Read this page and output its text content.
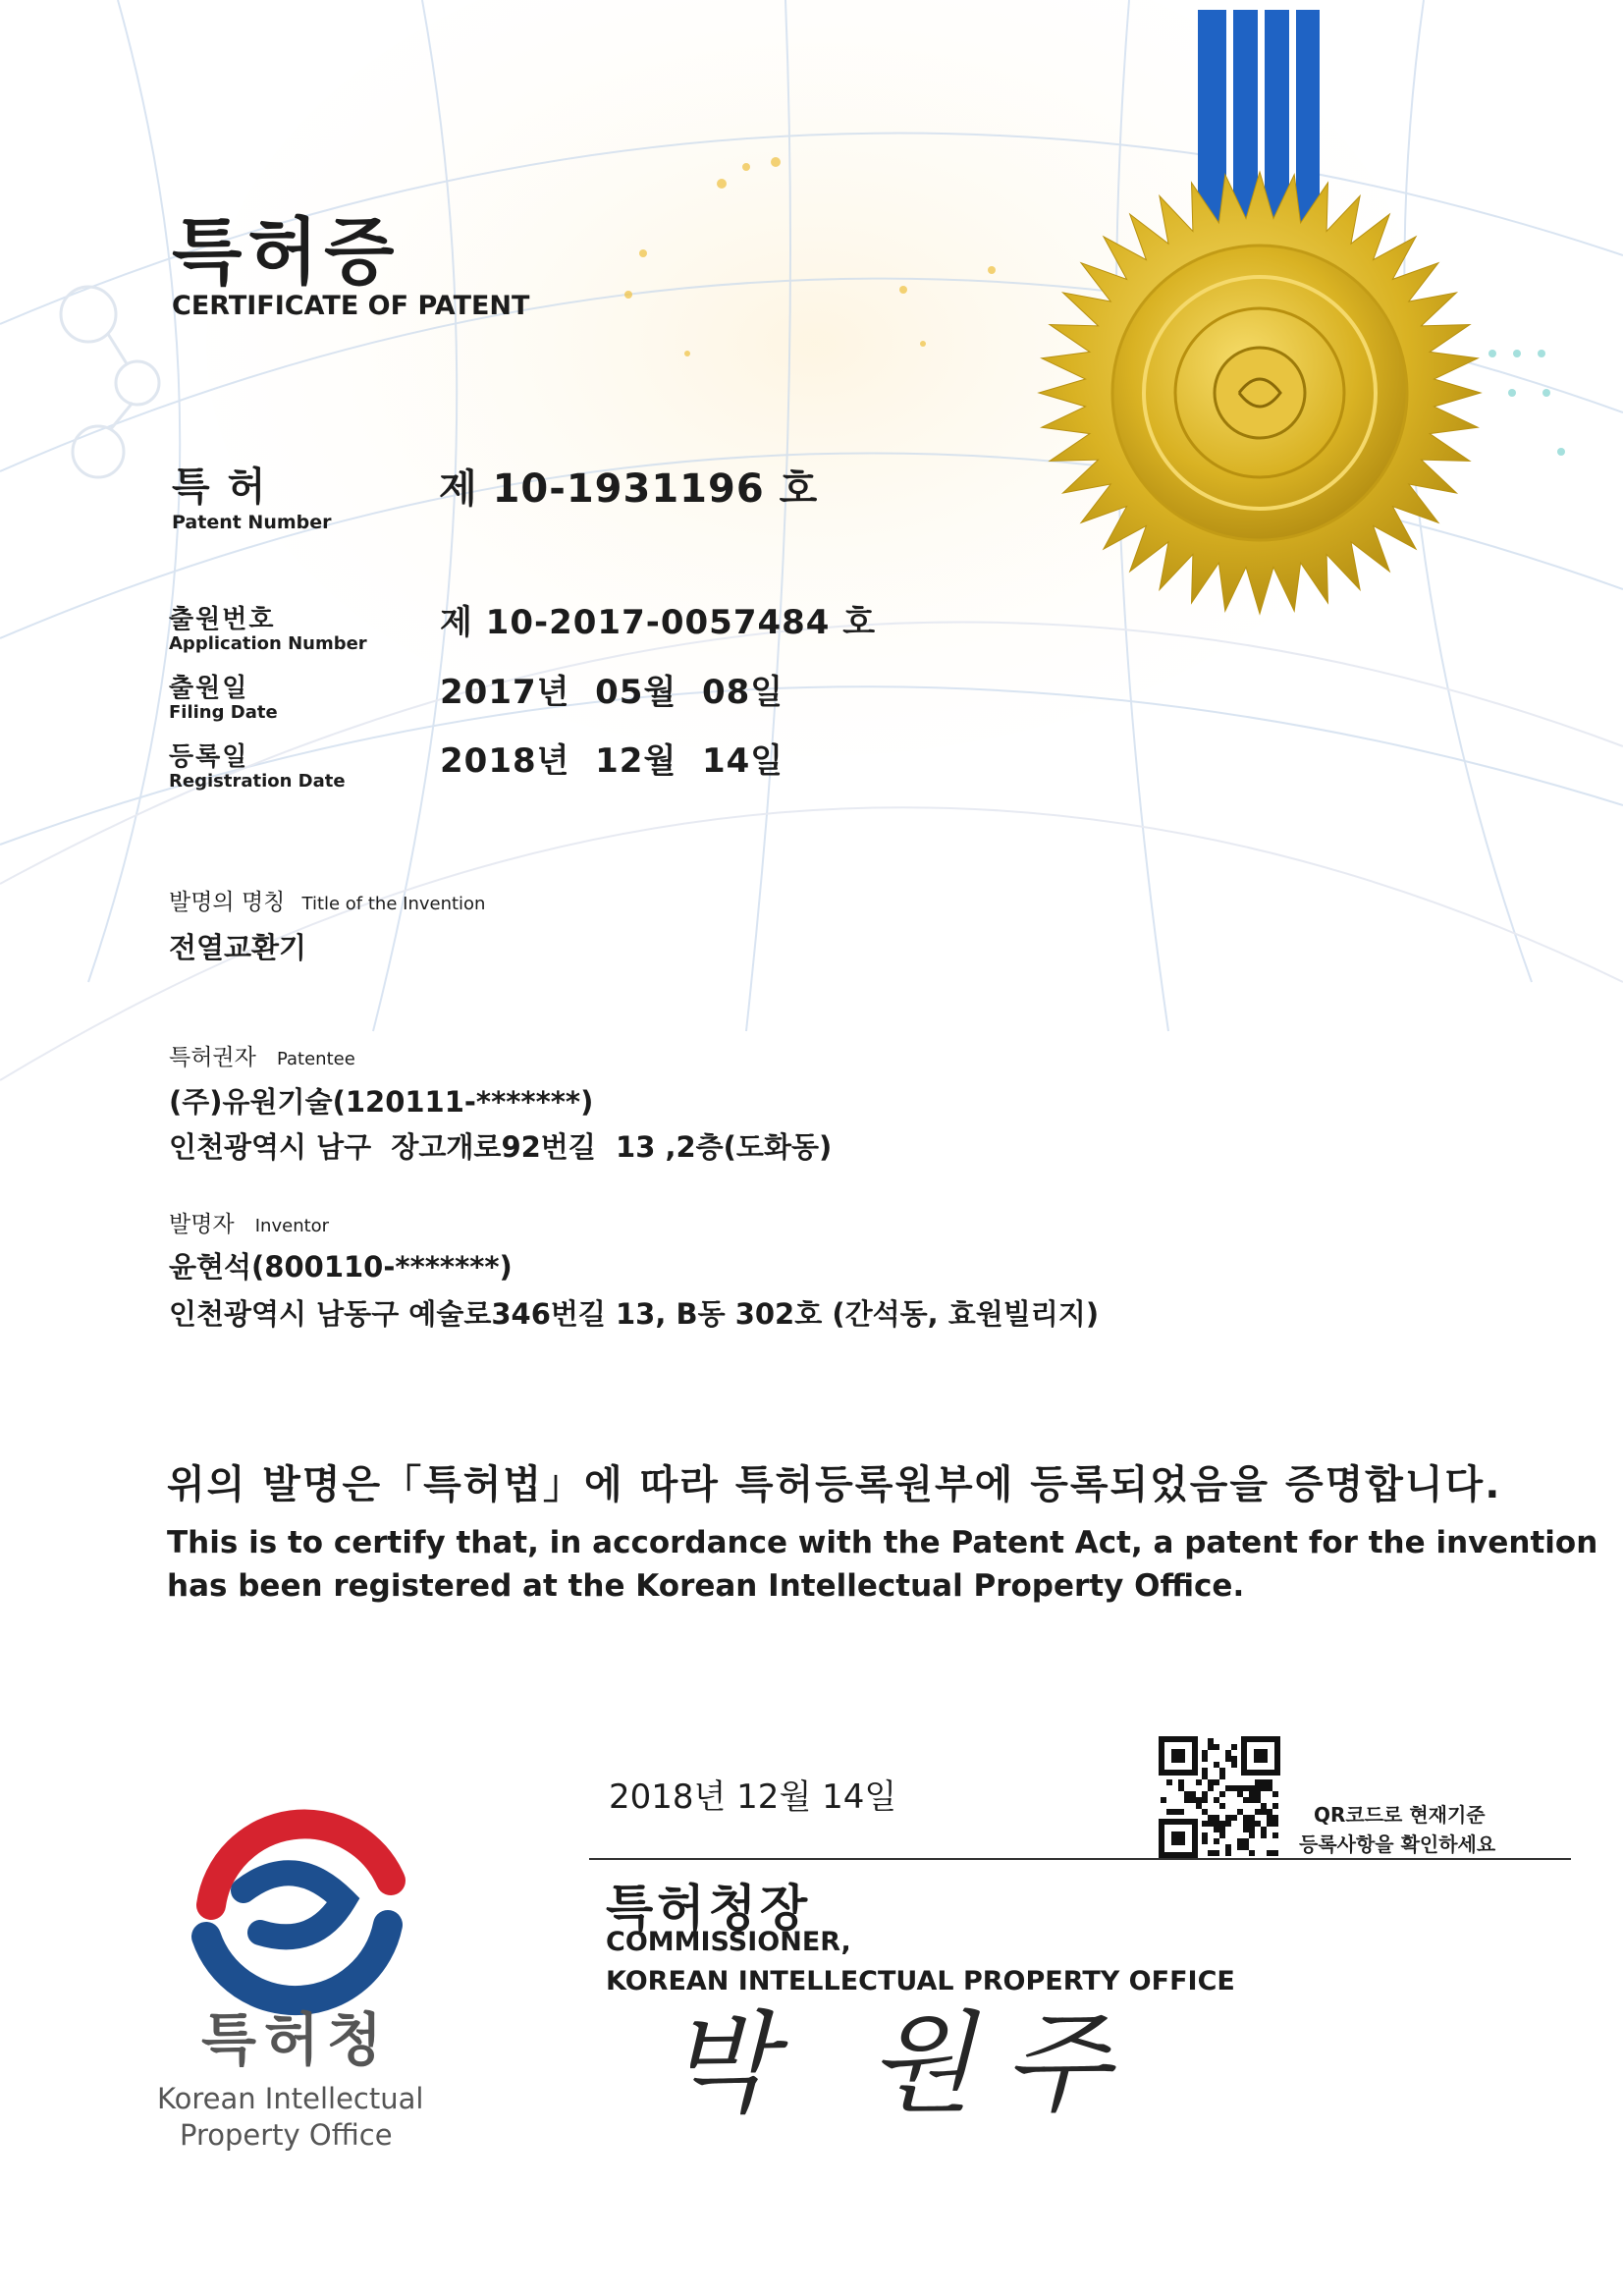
박 원주
특허증
CERTIFICATE OF PATENT
특 허
Patent Number
제 10-1931196 호
출원번호
Application Number
제 10-2017-0057484 호
출원일
Filing Date
2017년  05월  08일
등록일
Registration Date
2018년  12월  14일
발명의 명칭 Title of the Invention
전열교환기
특허권자 Patentee
(주)유원기술(120111-*******)
인천광역시 남구  장고개로92번길  13 ,2층(도화동)
발명자 Inventor
윤현석(800110-*******)
인천광역시 남동구 예술로346번길 13, B동 302호 (간석동, 효원빌리지)
위의 발명은「특허법」에 따라 특허등록원부에 등록되었음을 증명합니다.
This is to certify that, in accordance with the Patent Act, a patent for the invention
has been registered at the Korean Intellectual Property Office.
2018년 12월 14일	QR코드로 현재기준
등록사항을 확인하세요
특허청장
COMMISSIONER,
KOREAN INTELLECTUAL PROPERTY OFFICE
특허청
Korean Intellectual
Property Office
